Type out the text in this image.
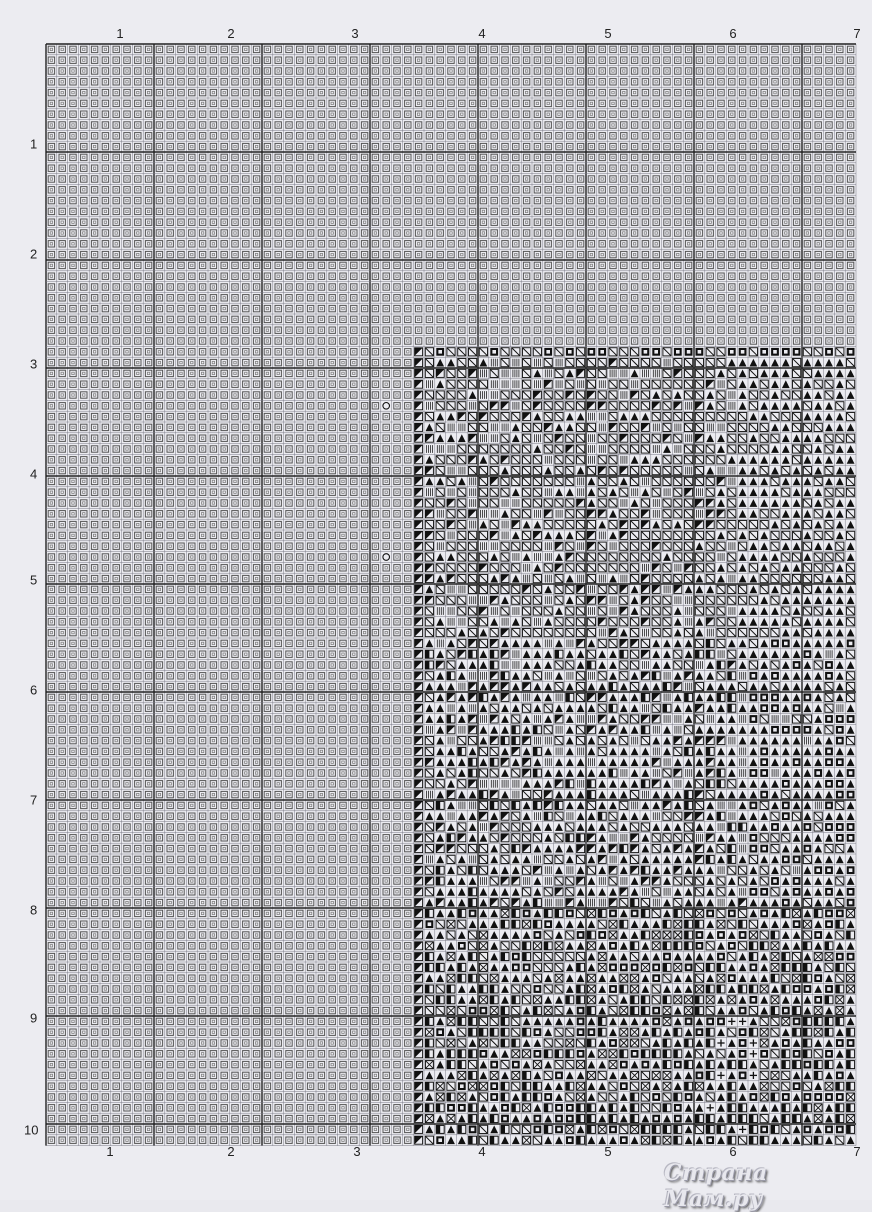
1
1
2
2
3
3
4
4
5
5
6
6
7
7
1
2
3
4
5
6
7
8
9
10
Страна Мам.ру
